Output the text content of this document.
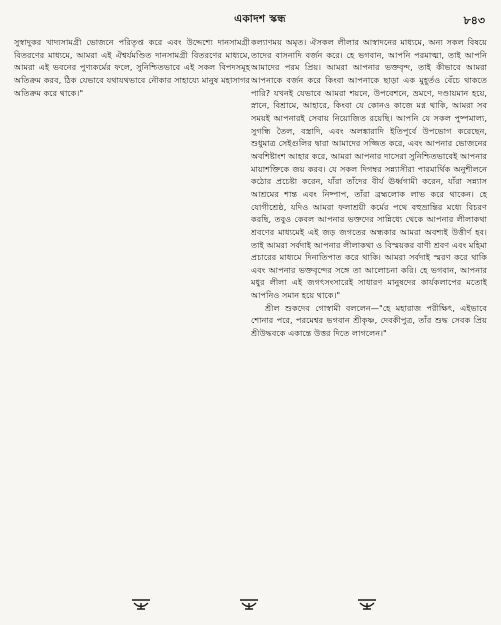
একাদশ স্কন্ধ	৮৪৩

সুস্বাদুকর খাদ্যসামগ্রী ভোজনে পরিতৃপ্ত করে এবং উদ্দেশ্যে দানসামগ্রী বিতরণের মাধ্যমে, আমরা এই ঐশ্বর্যমণ্ডিত দানসামগ্রী বিতরণের মাধ্যমে, আমরা এই ভবনের পুণ্যকর্মের ফলে, সুনিশ্চিতভাবে এই সকল বিপদসমূহ অতিক্রম করব, ঠিক যেভাবে যথাযথভাবে নৌকার সাহায্যে মানুষ মহাসাগর অতিক্রম করে থাকে।"

কল্যাণময় অমৃত। ঐসকল লীলার আস্বাদনের মাধ্যমে, অন্য সকল বিষয়ে তাদের বাসনাদি বর্জন করে। হে ভগবান, আপনি পরমাত্মা, তাই আপনি আমাদের পরম প্রিয়। আমরা আপনার ভক্তবৃন্দ, তাই কীভাবে আমরা আপনাকে বর্জন করে কিংবা আপনাকে ছাড়া এক মুহূর্তও বেঁচে থাকতে পারি? যখনই যেভাবে আমরা শয়নে, উপবেশনে, ভ্রমণে, দণ্ডায়মান হয়ে, স্নানে, বিশ্রামে, আহারে, কিংবা যে কোনও কাজে মগ্ন থাকি, আমরা সব সময়ই আপনারই সেবায় নিয়োজিত রয়েছি। আপনি যে সকল পুষ্পমাল্য, সুগন্ধি তৈল, বস্ত্রাদি, এবং অলঙ্কারাদি ইতিপূর্বে উপভোগ করেছেন, শুধুমাত্র সেইগুলির দ্বারা আমাদের সজ্জিত করে, এবং আপনার ভোজনের অবশিষ্টাংশ আহার করে, আমরা আপনার দাসেরা সুনিশ্চিতভাবেই আপনার মায়াশক্তিকে জয় করব। যে সকল দিগম্বর সন্ন্যাসীরা পারমার্থিক অনুশীলনে কঠোর প্রচেষ্টা করেন, যাঁরা তাঁদের বীর্য ঊর্ধ্বগামী করেন, যাঁরা সন্ন্যাস আশ্রমের শান্ত এবং নিষ্পাপ, তাঁরা ব্রহ্মলোক লাভ করে থাকেন। হে যোগীশ্রেষ্ঠ, যদিও আমরা ফলাশ্রয়ী কর্মের পথে বহুভ্রান্তির মধ্যে বিচরণ করছি, তবুও কেবল আপনার ভক্তদের সান্নিধ্যে থেকে আপনার লীলাকথা শ্রবণের মাধ্যমেই এই জড় জগতের অন্ধকার আমরা অবশ্যই উত্তীর্ণ হব। তাই আমরা সর্বদাই আপনার লীলাকথা ও বিস্ময়কর বাণী শ্রবণ এবং মহিমা প্রচারের মাধ্যমে দিনাতিপাত করে থাকি। আমরা সর্বদাই স্মরণ করে থাকি এবং আপনার ভক্তবৃন্দের সঙ্গে তা আলোচনা করি। হে ভগবান, আপনার মধুর লীলা এই জগৎসংসারেই সাধারণ মানুষদের কার্যকলাপের মতোই আপনিও সমান হয়ে থাকে।"

শ্রীল শুকদেব গোস্বামী বললেন—"হে মহারাজ পরীক্ষিৎ, এইভাবে শোনার পরে, পরমেশ্বর ভগবান শ্রীকৃষ্ণ, দেবকীপুত্র, তাঁর শুদ্ধ সেবক প্রিয় শ্রীউদ্ধবকে একান্তে উত্তর দিতে লাগলেন।"
